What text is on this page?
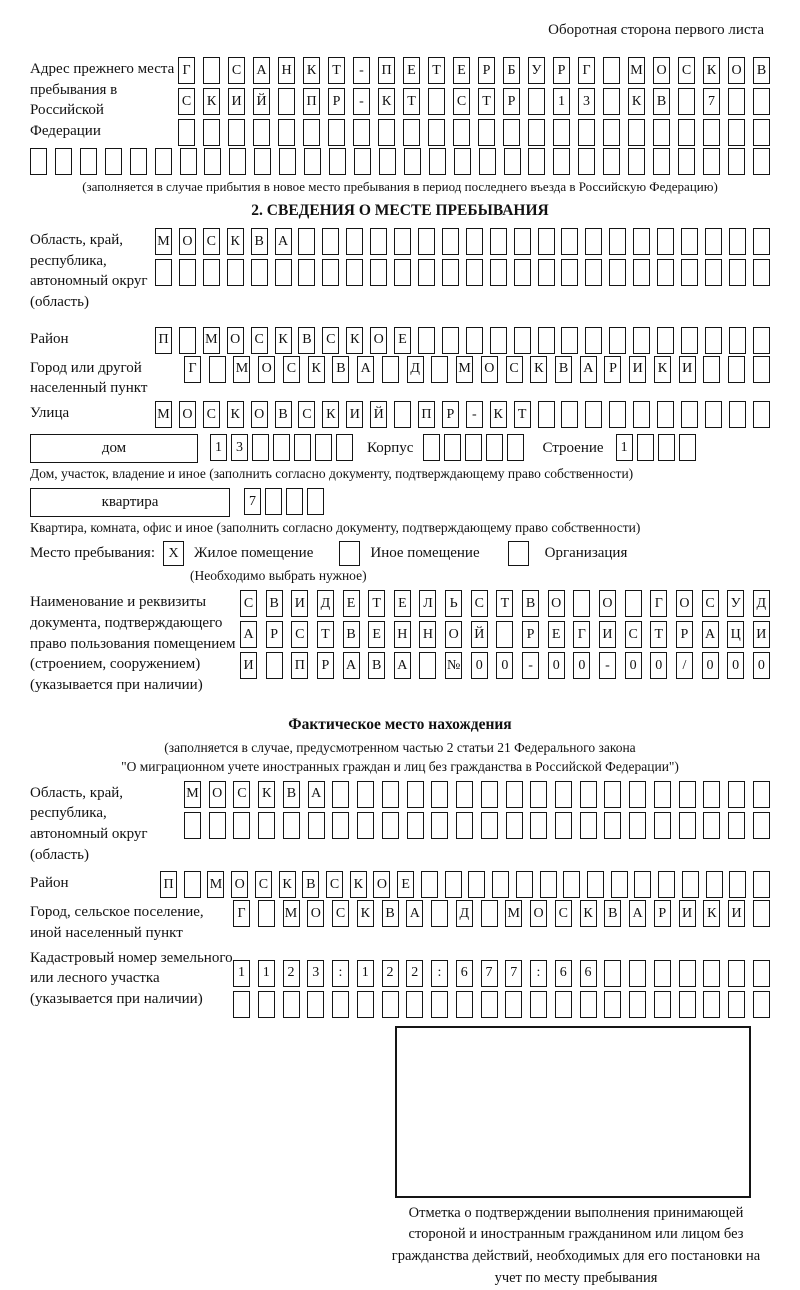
Оборотная сторона первого листа
Адрес прежнего места пребывания в Российской Федерации
Г	С А Н К	Т	-	П	Е	Т	Е	Р	Б	У	Р	Г	М О С К О В
С К И Й	П	Р	-	К	Т	С	Т	Р	1	3	К В	7
(заполняется в случае прибытия в новое место пребывания в период последнего въезда в Российскую Федерацию)
2. СВЕДЕНИЯ О МЕСТЕ ПРЕБЫВАНИЯ
Область, край, республика, автономный округ (область)
М О С К В А
Район	П	М О С К В С К О	Е
Город или другой населенный пункт
Г	М О С К В А	Д	М О С К В А	Р	И К И
Улица	М О С К О В С К И Й	П	Р	-	К	Т
дом	1	3	Корпус	Строение	1
Дом, участок, владение и иное (заполнить согласно документу, подтверждающему право собственности)
квартира	7
Квартира, комната, офис и иное (заполнить согласно документу, подтверждающему право собственности)
Место пребывания: X	Жилое помещение	Иное помещение	Организация
(Необходимо выбрать нужное)
Наименование и реквизиты документа, подтверждающего право пользования помещением (строением, сооружением) (указывается при наличии)
С В И Д	Е	Т	Е	Л	Ь	С	Т	В О	О	Г	О С У Д
А	Р	С	Т	В	Е	Н Н О Й	Р	Е	Г	И С	Т	Р	А Ц И
И	П	Р	А В А	№	0	0	-	0	0	-	0	0	/	0	0	0
Фактическое место нахождения
(заполняется в случае, предусмотренном частью 2 статьи 21 Федерального закона
"О миграционном учете иностранных граждан и лиц без гражданства в Российской Федерации")
Область, край, республика, автономный округ (область)
М О С К В А
Район	П	М О С К В С К О	Е
Город, сельское поселение, иной населенный пункт
Г	М О С К В А	Д	М О С К В А	Р	И К И
Кадастровый номер земельного или лесного участка (указывается при наличии)
1	1	2	3	:	1	2	2	:	6	7	7	:	6	6
Отметка о подтверждении выполнения принимающей стороной и иностранным гражданином или лицом без гражданства действий, необходимых для его постановки на учет по месту пребывания
